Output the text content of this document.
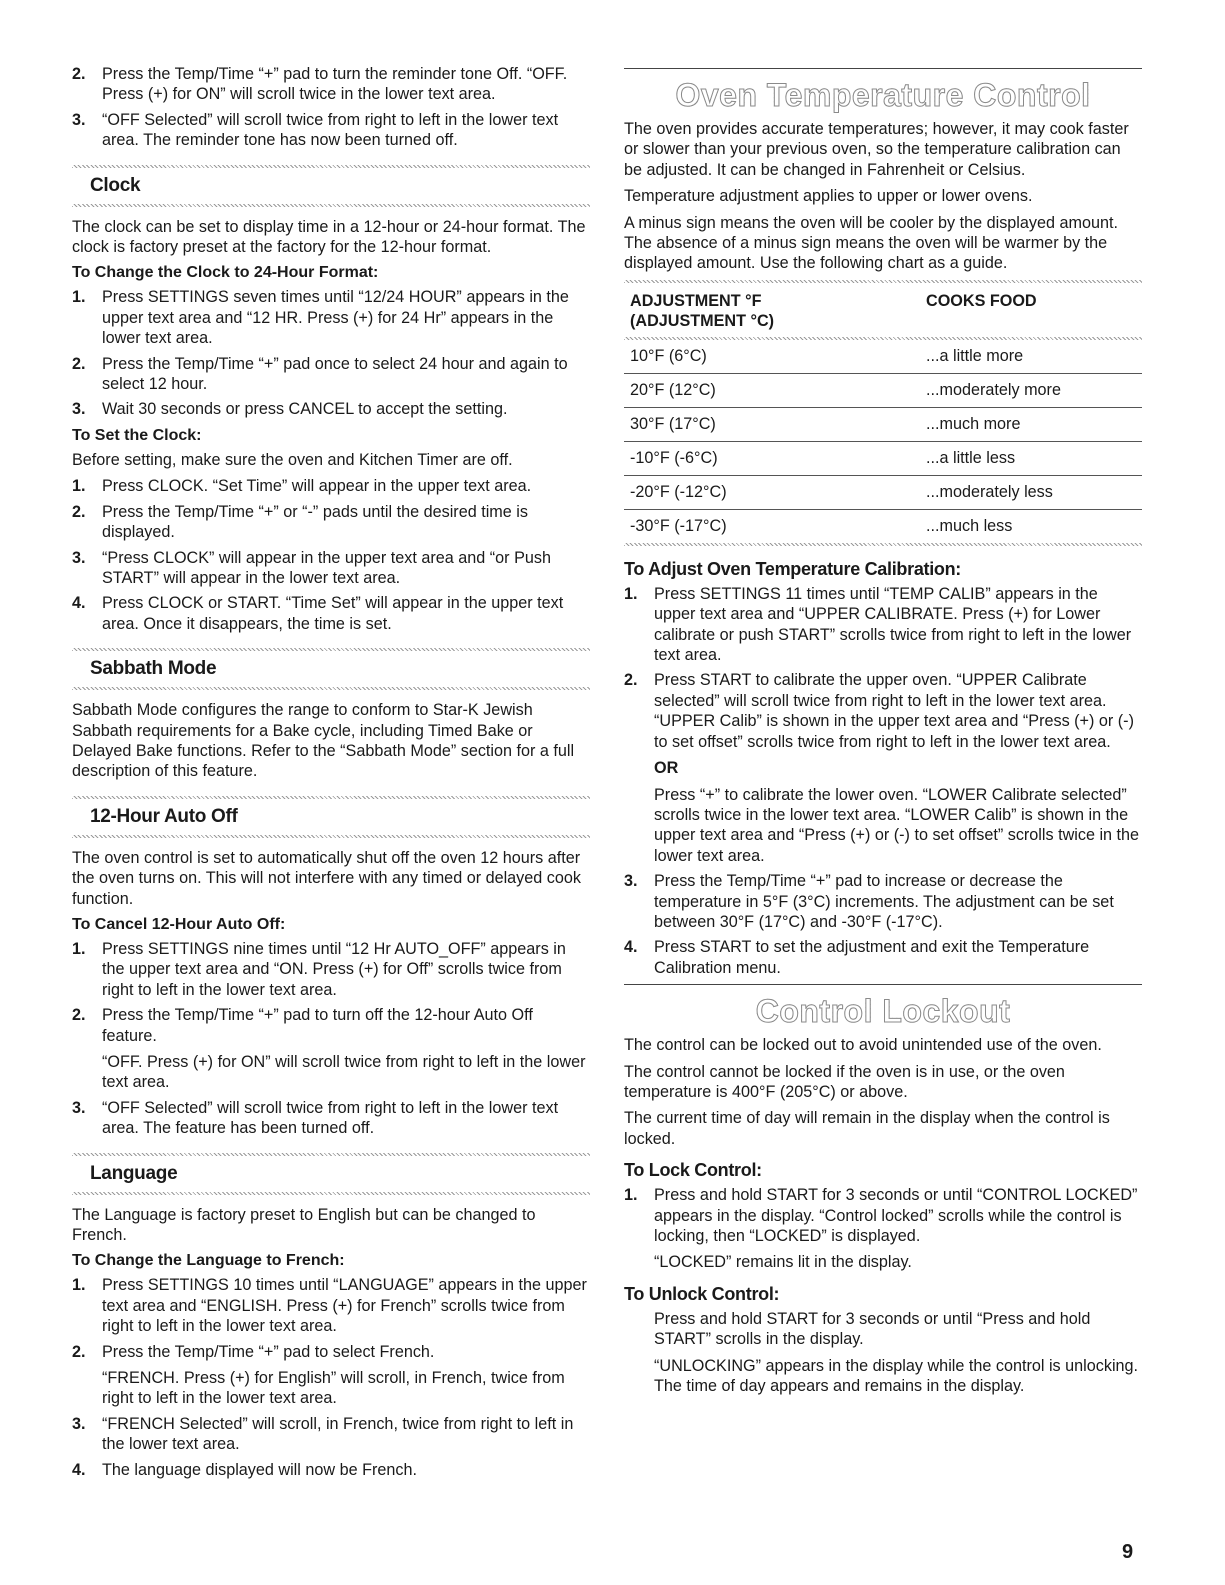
2. Press the Temp/Time “+” pad to turn the reminder tone Off. “OFF. Press (+) for ON” will scroll twice in the lower text area.
3. “OFF Selected” will scroll twice from right to left in the lower text area. The reminder tone has now been turned off.
Clock

The clock can be set to display time in a 12-hour or 24-hour format. The clock is factory preset at the factory for the 12-hour format.

To Change the Clock to 24-Hour Format:
1. Press SETTINGS seven times until “12/24 HOUR” appears in the upper text area and “12 HR. Press (+) for 24 Hr” appears in the lower text area.
2. Press the Temp/Time “+” pad once to select 24 hour and again to select 12 hour.
3. Wait 30 seconds or press CANCEL to accept the setting.
To Set the Clock:

Before setting, make sure the oven and Kitchen Timer are off.

1. Press CLOCK. “Set Time” will appear in the upper text area.
2. Press the Temp/Time “+” or “-” pads until the desired time is displayed.
3. “Press CLOCK” will appear in the upper text area and “or Push START” will appear in the lower text area.
4. Press CLOCK or START. “Time Set” will appear in the upper text area. Once it disappears, the time is set.
Sabbath Mode

Sabbath Mode configures the range to conform to Star-K Jewish Sabbath requirements for a Bake cycle, including Timed Bake or Delayed Bake functions. Refer to the “Sabbath Mode” section for a full description of this feature.

12-Hour Auto Off

The oven control is set to automatically shut off the oven 12 hours after the oven turns on. This will not interfere with any timed or delayed cook function.

To Cancel 12-Hour Auto Off:
1. Press SETTINGS nine times until “12 Hr AUTO_OFF” appears in the upper text area and “ON. Press (+) for Off” scrolls twice from right to left in the lower text area.
2. Press the Temp/Time “+” pad to turn off the 12-hour Auto Off feature.
“OFF. Press (+) for ON” will scroll twice from right to left in the lower text area.
3. “OFF Selected” will scroll twice from right to left in the lower text area. The feature has been turned off.
Language

The Language is factory preset to English but can be changed to French.

To Change the Language to French:
1. Press SETTINGS 10 times until “LANGUAGE” appears in the upper text area and “ENGLISH. Press (+) for French” scrolls twice from right to left in the lower text area.
2. Press the Temp/Time “+” pad to select French.
“FRENCH. Press (+) for English” will scroll, in French, twice from right to left in the lower text area.
3. “FRENCH Selected” will scroll, in French, twice from right to left in the lower text area.
4. The language displayed will now be French.
Oven Temperature Control

The oven provides accurate temperatures; however, it may cook faster or slower than your previous oven, so the temperature calibration can be adjusted. It can be changed in Fahrenheit or Celsius.

Temperature adjustment applies to upper or lower ovens.

A minus sign means the oven will be cooler by the displayed amount. The absence of a minus sign means the oven will be warmer by the displayed amount. Use the following chart as a guide.

ADJUSTMENT °F
(ADJUSTMENT °C)	COOKS FOOD

10°F (6°C)	...a little more
20°F (12°C)	...moderately more
30°F (17°C)	...much more
-10°F (-6°C)	...a little less
-20°F (-12°C)	...moderately less
-30°F (-17°C)	...much less

To Adjust Oven Temperature Calibration:
1. Press SETTINGS 11 times until “TEMP CALIB” appears in the upper text area and “UPPER CALIBRATE. Press (+) for Lower calibrate or push START” scrolls twice from right to left in the lower text area.
2. Press START to calibrate the upper oven. “UPPER Calibrate selected” will scroll twice from right to left in the lower text area. “UPPER Calib” is shown in the upper text area and “Press (+) or (-) to set offset” scrolls twice from right to left in the lower text area.
OR
Press “+” to calibrate the lower oven. “LOWER Calibrate selected” scrolls twice in the lower text area. “LOWER Calib” is shown in the upper text area and “Press (+) or (-) to set offset” scrolls twice in the lower text area.
3. Press the Temp/Time “+” pad to increase or decrease the temperature in 5°F (3°C) increments. The adjustment can be set between 30°F (17°C) and -30°F (-17°C).
4. Press START to set the adjustment and exit the Temperature Calibration menu.
Control Lockout

The control can be locked out to avoid unintended use of the oven.

The control cannot be locked if the oven is in use, or the oven temperature is 400°F (205°C) or above.

The current time of day will remain in the display when the control is locked.

To Lock Control:
1. Press and hold START for 3 seconds or until “CONTROL LOCKED” appears in the display. “Control locked” scrolls while the control is locking, then “LOCKED” is displayed.
“LOCKED” remains lit in the display.
To Unlock Control:

Press and hold START for 3 seconds or until “Press and hold START” scrolls in the display.

“UNLOCKING” appears in the display while the control is unlocking. The time of day appears and remains in the display.

9
